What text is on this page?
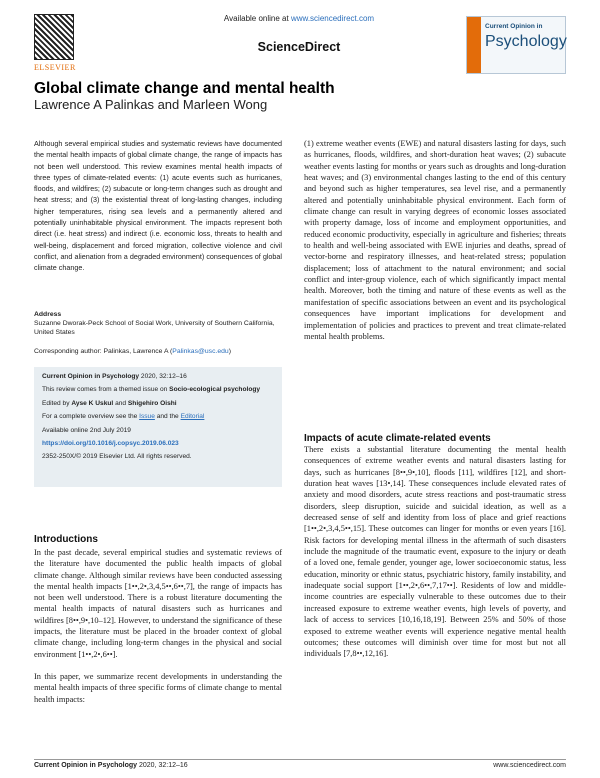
ELSEVIER
Available online at www.sciencedirect.com
ScienceDirect
Current Opinion in
Psychology
Global climate change and mental health
Lawrence A Palinkas and Marleen Wong
Although several empirical studies and systematic reviews have documented the mental health impacts of global climate change, the range of impacts has not been well understood. This review examines mental health impacts of three types of climate-related events: (1) acute events such as hurricanes, floods, and wildfires; (2) subacute or long-term changes such as drought and heat stress; and (3) the existential threat of long-lasting changes, including higher temperatures, rising sea levels and a permanently altered and potentially uninhabitable physical environment. The impacts represent both direct (i.e. heat stress) and indirect (i.e. economic loss, threats to health and well-being, displacement and forced migration, collective violence and civil conflict, and alienation from a degraded environment) consequences of global climate change.
Address
Suzanne Dworak-Peck School of Social Work, University of Southern California, United States
Corresponding author: Palinkas, Lawrence A (Palinkas@usc.edu)

Current Opinion in Psychology 2020, 32:12–16

This review comes from a themed issue on Socio-ecological psychology

Edited by Ayse K Uskul and Shigehiro Oishi

For a complete overview see the Issue and the Editorial

Available online 2nd July 2019

https://doi.org/10.1016/j.copsyc.2019.06.023

2352-250X/© 2019 Elsevier Ltd. All rights reserved.

Introductions

In the past decade, several empirical studies and systematic reviews of the literature have documented the public health impacts of global climate change. Although similar reviews have been conducted assessing the mental health impacts [1••,2•,3,4,5••,6••,7], the range of impacts has not been well understood. There is a robust literature documenting the mental health impacts of natural disasters such as hurricanes and wildfires [8••,9•,10–12]. However, to understand the significance of these impacts, the literature must be placed in the broader context of global climate change, including long-term changes in the physical and social environment [1••,2•,6••].

In this paper, we summarize recent developments in understanding the mental health impacts of three specific forms of climate change to mental health impacts:

(1) extreme weather events (EWE) and natural disasters lasting for days, such as hurricanes, floods, wildfires, and short-duration heat waves; (2) subacute weather events lasting for months or years such as droughts and long-duration heat waves; and (3) environmental changes lasting to the end of this century and beyond such as higher temperatures, sea level rise, and a permanently altered and potentially uninhabitable physical environment. Each form of climate change can result in varying degrees of economic losses associated with property damage, loss of income and employment opportunities, and reduced economic productivity, especially in agriculture and fisheries; threats to health and well-being associated with EWE injuries and deaths, spread of vector-borne and respiratory illnesses, and heat-related stress; population displacement; loss of attachment to the natural environment; and social conflict and inter-group violence, each of which significantly impact mental health. Moreover, both the timing and nature of these events as well as the manifestation of specific associations between an event and its psychological consequences have important implications for development and implementation of policies and practices to prevent and treat climate-related mental health problems.
Impacts of acute climate-related events
There exists a substantial literature documenting the mental health consequences of extreme weather events and natural disasters lasting for days, such as hurricanes [8••,9•,10], floods [11], wildfires [12], and short-duration heat waves [13•,14]. These consequences include elevated rates of anxiety and mood disorders, acute stress reactions and post-traumatic stress disorders, sleep disruption, suicide and suicidal ideation, as well as a decreased sense of self and identity from loss of place and grief reactions [1••,2•,3,4,5••,15]. These outcomes can linger for months or even years [16]. Risk factors for developing mental illness in the aftermath of such disasters include the magnitude of the traumatic event, exposure to the injury or death of a loved one, female gender, younger age, lower socioeconomic status, less education, minority or ethnic status, psychiatric history, family instability, and inadequate social support [1••,2•,6••,7,17••]. Residents of low and middle-income countries are especially vulnerable to these outcomes due to their increased exposure to extreme weather events, high levels of poverty, and lack of access to services [10,16,18,19]. Between 25% and 50% of those exposed to extreme weather events will experience negative mental health outcomes; these outcomes will diminish over time for most but not all individuals [7,8••,12,16].
Current Opinion in Psychology 2020, 32:12–16	www.sciencedirect.com
